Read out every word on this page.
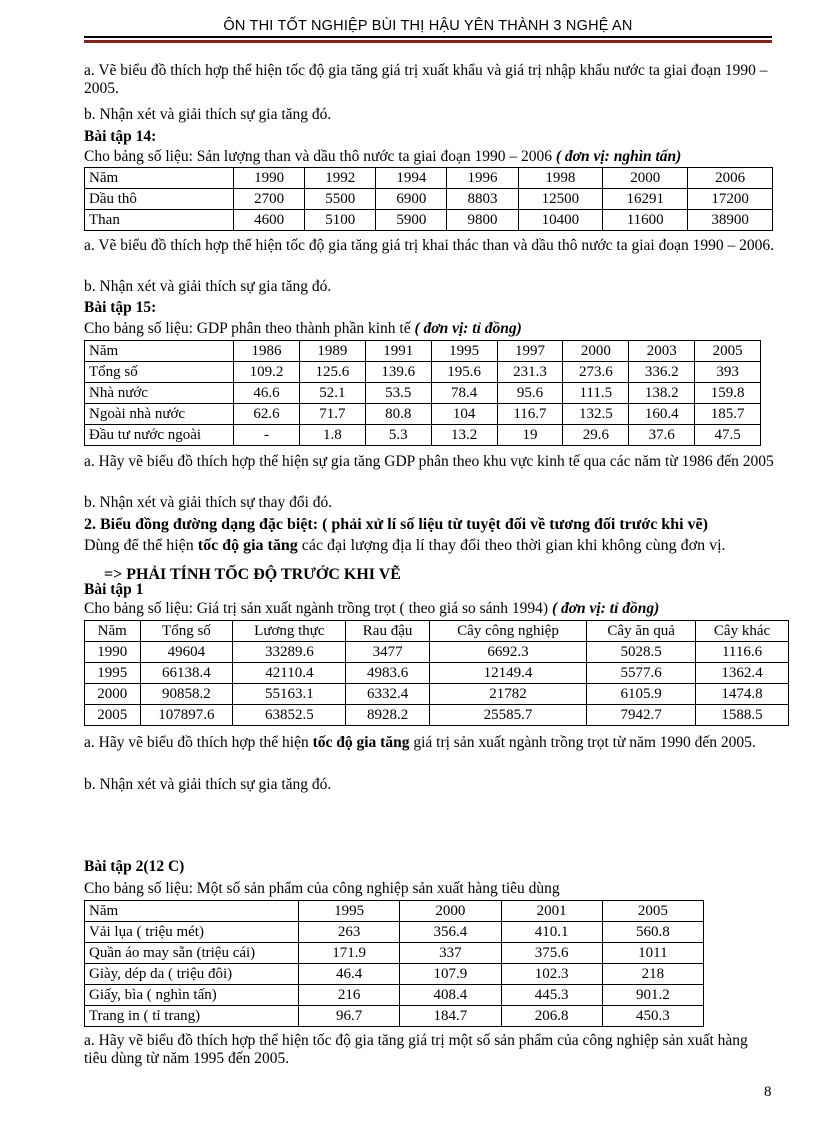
ÔN THI TỐT NGHIỆP BÙI THỊ HẬU YÊN THÀNH 3 NGHỆ AN
a. Vẽ biểu đồ thích hợp thể hiện tốc độ gia tăng giá trị xuất khẩu và giá trị nhập khẩu nước ta giai đoạn 1990 – 2005.
b. Nhận xét và giải thích sự gia tăng đó.
Bài tập 14:
Cho bảng số liệu: Sản lượng than và dầu thô nước ta giai đoạn 1990 – 2006 ( đơn vị: nghìn tấn)
Năm	1990	1992	1994	1996	1998	2000	2006
Dầu thô	2700	5500	6900	8803	12500	16291	17200
Than	4600	5100	5900	9800	10400	11600	38900
a. Vẽ biểu đồ thích hợp thể hiện tốc độ gia tăng giá trị khai thác than và dầu thô nước ta giai đoạn 1990 – 2006.
b. Nhận xét và giải thích sự gia tăng đó.
Bài tập 15:
Cho bảng số liệu: GDP phân theo thành phần kinh tế ( đơn vị: tỉ đồng)
Năm	1986	1989	1991	1995	1997	2000	2003	2005
Tổng số	109.2	125.6	139.6	195.6	231.3	273.6	336.2	393
Nhà nước	46.6	52.1	53.5	78.4	95.6	111.5	138.2	159.8
Ngoài nhà nước	62.6	71.7	80.8	104	116.7	132.5	160.4	185.7
Đầu tư nước ngoài	-	1.8	5.3	13.2	19	29.6	37.6	47.5
a. Hãy vẽ biểu đồ thích hợp thể hiện sự gia tăng GDP phân theo khu vực kinh tế qua các năm từ 1986 đến 2005
b. Nhận xét và giải thích sự thay đổi đó.
2. Biểu đồng đường dạng đặc biệt: ( phải xử lí số liệu từ tuyệt đối về tương đối trước khi vẽ)
Dùng để thể hiện tốc độ gia tăng các đại lượng địa lí thay đổi theo thời gian khi không cùng đơn vị.
=> PHẢI TÍNH TỐC ĐỘ TRƯỚC KHI VẼ
Bài tập 1
Cho bảng số liệu: Giá trị sản xuất ngành trồng trọt ( theo giá so sánh 1994) ( đơn vị: tỉ đồng)
Năm	Tổng số	Lương thực	Rau đậu	Cây công nghiệp	Cây ăn quả	Cây khác
1990	49604	33289.6	3477	6692.3	5028.5	1116.6
1995	66138.4	42110.4	4983.6	12149.4	5577.6	1362.4
2000	90858.2	55163.1	6332.4	21782	6105.9	1474.8
2005	107897.6	63852.5	8928.2	25585.7	7942.7	1588.5
a. Hãy vẽ biểu đồ thích hợp thể hiện tốc độ gia tăng giá trị sản xuất ngành trồng trọt từ năm 1990 đến 2005.
b. Nhận xét và giải thích sự gia tăng đó.
Bài tập 2(12 C)
Cho bảng số liệu: Một số sản phẩm của công nghiệp sản xuất hàng tiêu dùng
Năm	1995	2000	2001	2005
Vải lụa ( triệu mét)	263	356.4	410.1	560.8
Quần áo may sẵn (triệu cái)	171.9	337	375.6	1011
Giày, dép da ( triệu đôi)	46.4	107.9	102.3	218
Giấy, bìa ( nghìn tấn)	216	408.4	445.3	901.2
Trang in ( tỉ trang)	96.7	184.7	206.8	450.3
a. Hãy vẽ biểu đồ thích hợp thể hiện tốc độ gia tăng giá trị một số sản phẩm của công nghiệp sản xuất hàng tiêu dùng từ năm 1995 đến 2005.
8
